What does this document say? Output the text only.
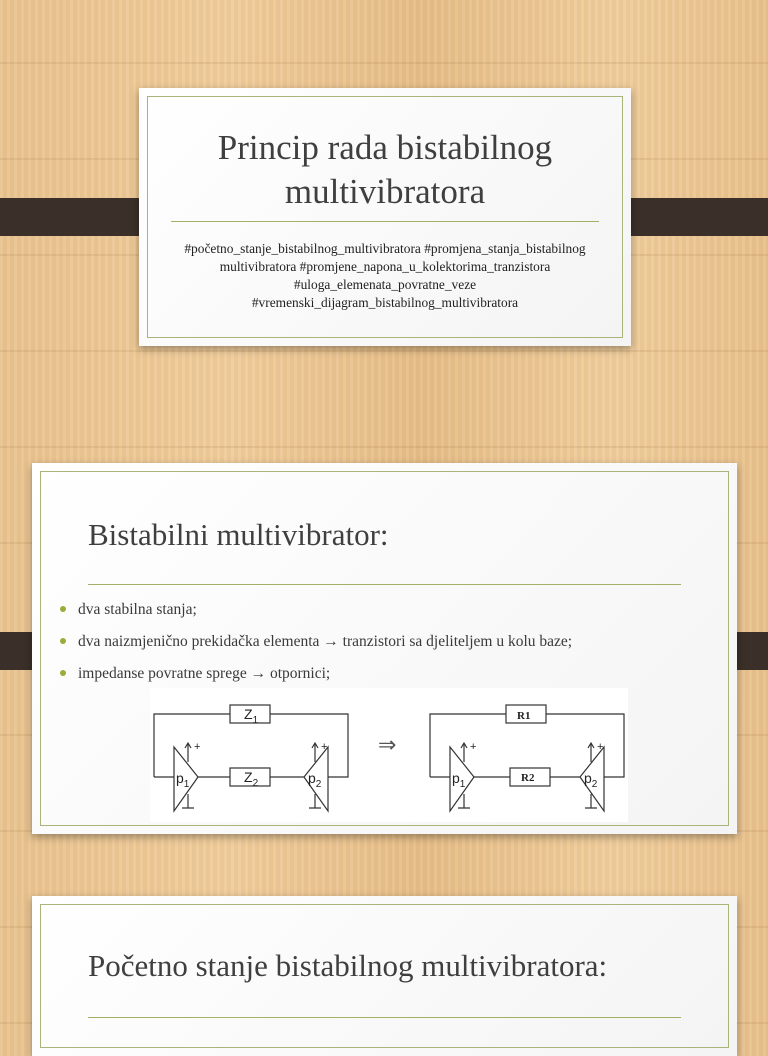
Princip rada bistabilnog
multivibratora
#početno_stanje_bistabilnog_multivibratora #promjena_stanja_bistabilnog
multivibratora #promjene_napona_u_kolektorima_tranzistora
#uloga_elemenata_povratne_veze
#vremenski_dijagram_bistabilnog_multivibratora
Bistabilni multivibrator:
dva stabilna stanja;
dva naizmjenično prekidačka elementa → tranzistori sa djeliteljem u kolu baze;
impedanse povratne sprege → otpornici;
$Z_1$
$Z_2$
$p_1$	$p_2$
+	+ ⇒
R1
R2
$p_1$	$p_2$
+	+
Početno stanje bistabilnog multivibratora:
